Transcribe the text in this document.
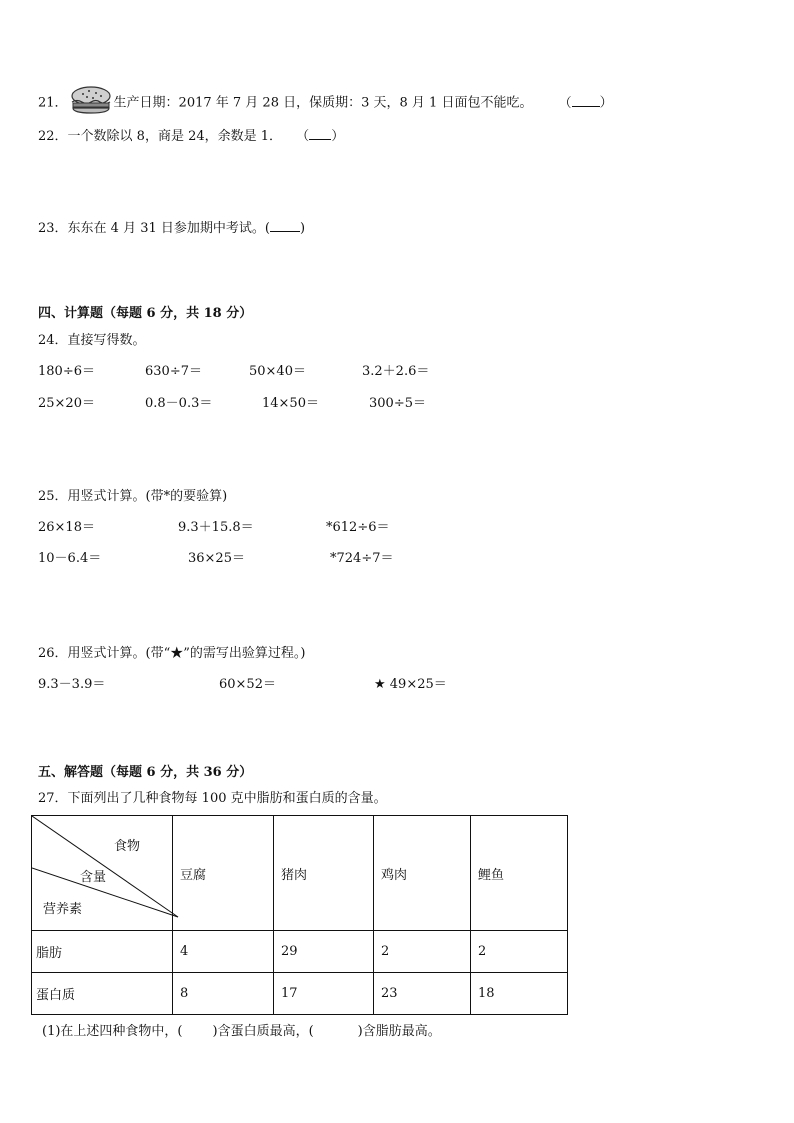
21．	生产日期：2017 年 7 月 28 日，保质期：3 天，8 月 1 日面包不能吃。 （ ）
22．一个数除以 8，商是 24，余数是 1． （ ）
23．东东在 4 月 31 日参加期中考试。( )
四、计算题（每题 6 分，共 18 分）
24．直接写得数。
180÷6＝	630÷7＝	50×40＝	3.2＋2.6＝
25×20＝	0.8－0.3＝	14×50＝	300÷5＝
25．用竖式计算。(带*的要验算)
26×18＝	9.3＋15.8＝	*612÷6＝
10－6.4＝	36×25＝	*724÷7＝
26．用竖式计算。(带“★”的需写出验算过程。)
9.3－3.9＝	60×52＝	★ 49×25＝
五、解答题（每题 6 分，共 36 分）
27．下面列出了几种食物每 100 克中脂肪和蛋白质的含量。
食物
含量
营养素	豆腐	猪肉	鸡肉	鲤鱼
脂肪	4	29	2	2
蛋白质	8	17	23	18
(1)在上述四种食物中，( )含蛋白质最高，(	)含脂肪最高。
